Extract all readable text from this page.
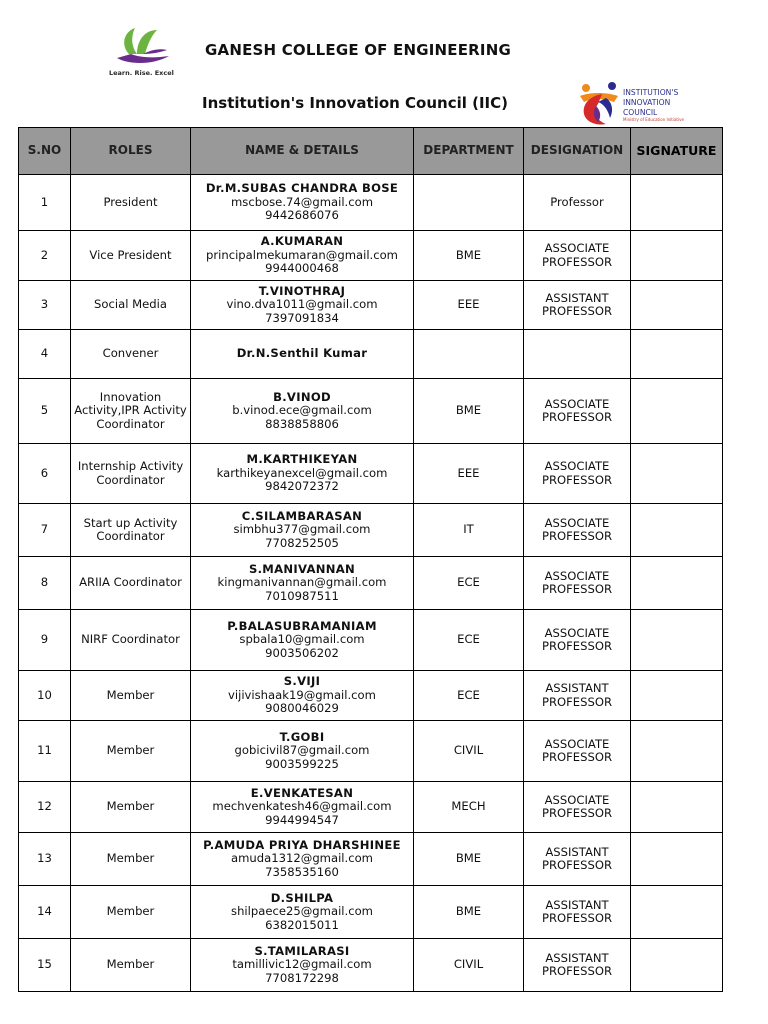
Learn. Rise. Excel
GANESH COLLEGE OF ENGINEERING
Institution's Innovation Council (IIC)
INSTITUTION'S
INNOVATION
COUNCIL
Ministry of Education Initiative
S.NO	ROLES	NAME & DETAILS	DEPARTMENT	DESIGNATION	SIGNATURE
1	President	Dr.M.SUBAS CHANDRA BOSE
mscbose.74@gmail.com
9442686076		Professor	
2	Vice President	A.KUMARAN
principalmekumaran@gmail.com
9944000468	BME	ASSOCIATE PROFESSOR	
3	Social Media	T.VINOTHRAJ
vino.dva1011@gmail.com
7397091834	EEE	ASSISTANT PROFESSOR	
4	Convener	Dr.N.Senthil Kumar			

5	Innovation Activity,IPR Activity Coordinator	B.VINOD
b.vinod.ece@gmail.com
8838858806	BME	ASSOCIATE PROFESSOR	
6	Internship Activity Coordinator	M.KARTHIKEYAN
karthikeyanexcel@gmail.com
9842072372	EEE	ASSOCIATE PROFESSOR	
7	Start up Activity Coordinator	C.SILAMBARASAN
simbhu377@gmail.com
7708252505	IT	ASSOCIATE PROFESSOR	
8	ARIIA Coordinator	S.MANIVANNAN
kingmanivannan@gmail.com
7010987511	ECE	ASSOCIATE PROFESSOR	
9	NIRF Coordinator	P.BALASUBRAMANIAM
spbala10@gmail.com
9003506202	ECE	ASSOCIATE PROFESSOR	
10	Member	S.VIJI
vijivishaak19@gmail.com
9080046029	ECE	ASSISTANT PROFESSOR	
11	Member	T.GOBI
gobicivil87@gmail.com
9003599225	CIVIL	ASSOCIATE PROFESSOR	
12	Member	E.VENKATESAN
mechvenkatesh46@gmail.com
9944994547	MECH	ASSOCIATE PROFESSOR	
13	Member	P.AMUDA PRIYA DHARSHINEE
amuda1312@gmail.com
7358535160	BME	ASSISTANT PROFESSOR	
14	Member	D.SHILPA
shilpaece25@gmail.com
6382015011	BME	ASSISTANT PROFESSOR	
15	Member	S.TAMILARASI
tamillivic12@gmail.com
7708172298	CIVIL	ASSISTANT PROFESSOR	
